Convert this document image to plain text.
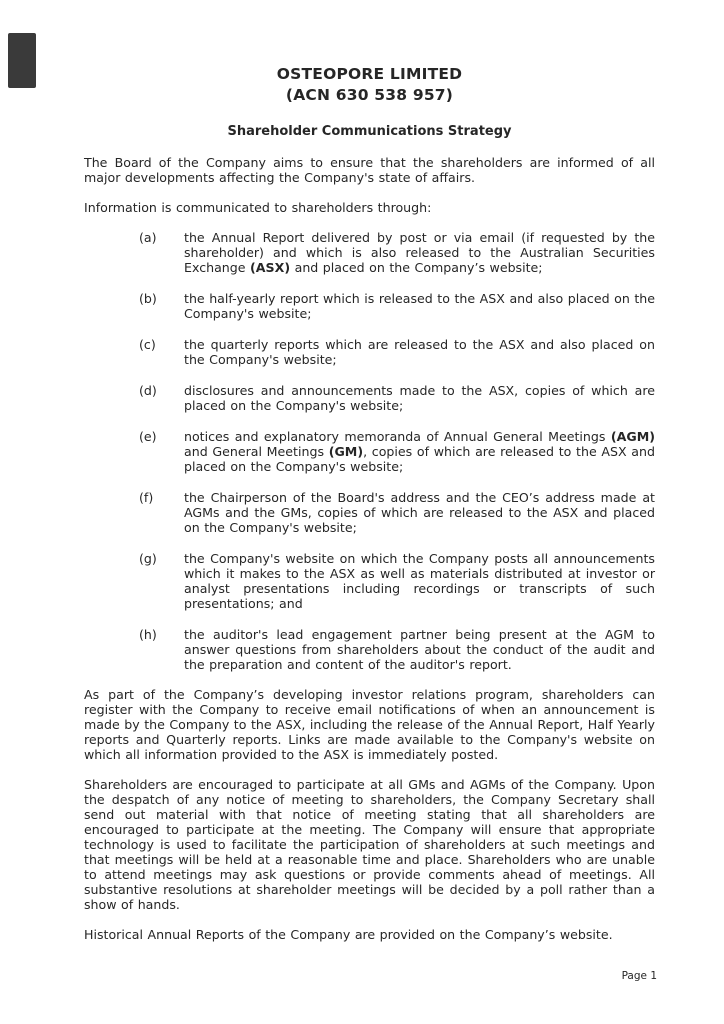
OSTEOPORE LIMITED
(ACN 630 538 957)
Shareholder Communications Strategy

The Board of the Company aims to ensure that the shareholders are informed of all major developments affecting the Company's state of affairs.

Information is communicated to shareholders through:

(a) the Annual Report delivered by post or via email (if requested by the shareholder) and which is also released to the Australian Securities Exchange (ASX) and placed on the Company’s website;
(b) the half-yearly report which is released to the ASX and also placed on the Company's website;
(c) the quarterly reports which are released to the ASX and also placed on the Company's website;
(d) disclosures and announcements made to the ASX, copies of which are placed on the Company's website;
(e) notices and explanatory memoranda of Annual General Meetings (AGM) and General Meetings (GM), copies of which are released to the ASX and placed on the Company's website;
(f) the Chairperson of the Board's address and the CEO’s address made at AGMs and the GMs, copies of which are released to the ASX and placed on the Company's website;
(g) the Company's website on which the Company posts all announcements which it makes to the ASX as well as materials distributed at investor or analyst presentations including recordings or transcripts of such presentations; and
(h) the auditor's lead engagement partner being present at the AGM to answer questions from shareholders about the conduct of the audit and the preparation and content of the auditor's report.

As part of the Company’s developing investor relations program, shareholders can register with the Company to receive email notifications of when an announcement is made by the Company to the ASX, including the release of the Annual Report, Half Yearly reports and Quarterly reports. Links are made available to the Company's website on which all information provided to the ASX is immediately posted.

Shareholders are encouraged to participate at all GMs and AGMs of the Company. Upon the despatch of any notice of meeting to shareholders, the Company Secretary shall send out material with that notice of meeting stating that all shareholders are encouraged to participate at the meeting. The Company will ensure that appropriate technology is used to facilitate the participation of shareholders at such meetings and that meetings will be held at a reasonable time and place. Shareholders who are unable to attend meetings may ask questions or provide comments ahead of meetings. All substantive resolutions at shareholder meetings will be decided by a poll rather than a show of hands.

Historical Annual Reports of the Company are provided on the Company’s website.

Page 1
